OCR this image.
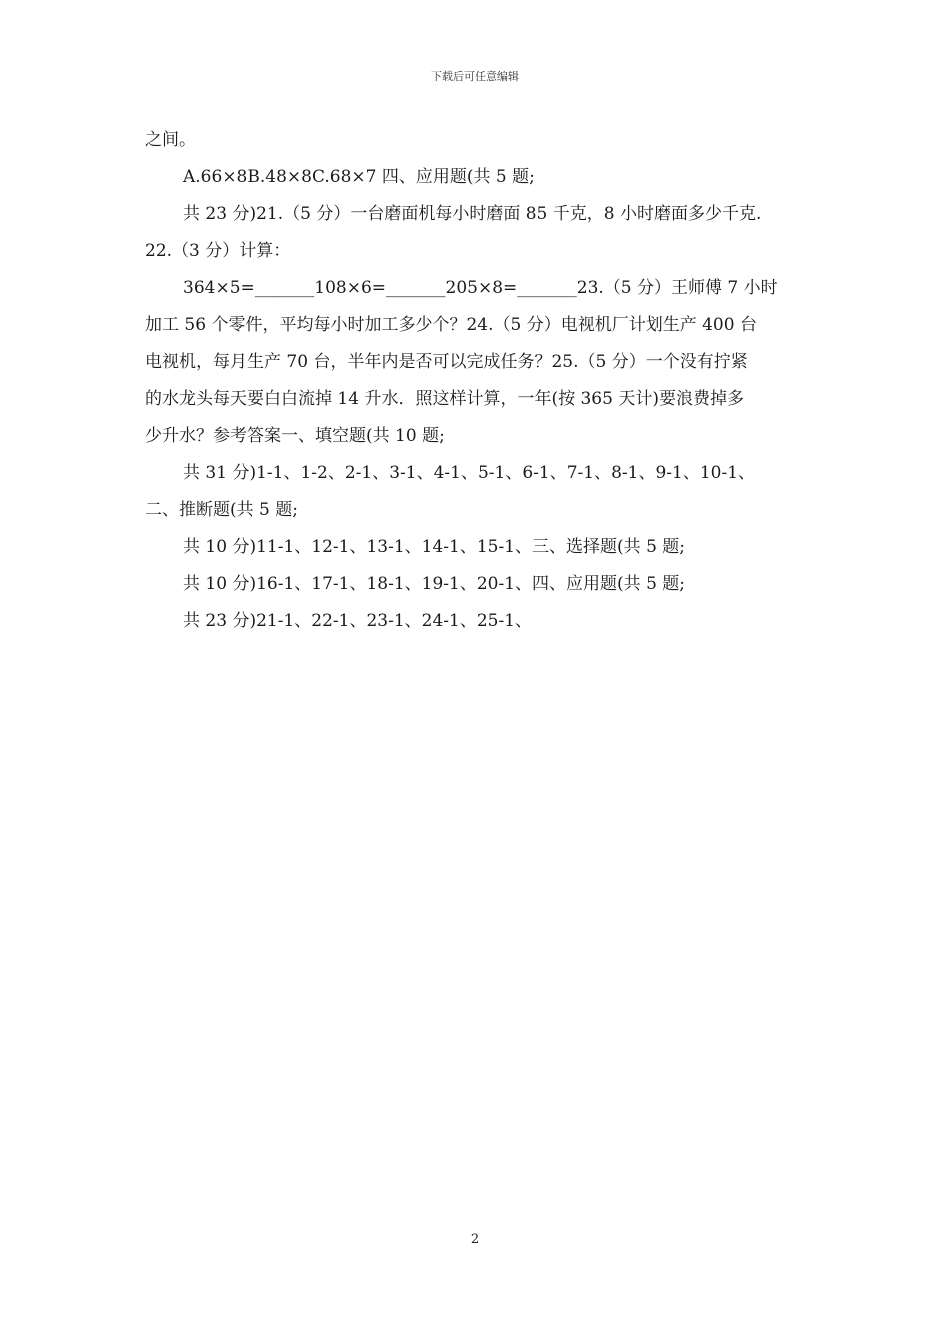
下载后可任意编辑
之间。
A.66×8B.48×8C.68×7 四、应用题(共 5 题;
共 23 分)21.（5 分）一台磨面机每小时磨面 85 千克，8 小时磨面多少千克.
22.（3 分）计算：
364×5=_______108×6=_______205×8=_______23.（5 分）王师傅 7 小时
加工 56 个零件，平均每小时加工多少个？24.（5 分）电视机厂计划生产 400 台
电视机，每月生产 70 台，半年内是否可以完成任务？25.（5 分）一个没有拧紧
的水龙头每天要白白流掉 14 升水．照这样计算，一年(按 365 天计)要浪费掉多
少升水？参考答案一、填空题(共 10 题;
共 31 分)1-1、1-2、2-1、3-1、4-1、5-1、6-1、7-1、8-1、9-1、10-1、
二、推断题(共 5 题;
共 10 分)11-1、12-1、13-1、14-1、15-1、三、选择题(共 5 题;
共 10 分)16-1、17-1、18-1、19-1、20-1、四、应用题(共 5 题;
共 23 分)21-1、22-1、23-1、24-1、25-1、
2
